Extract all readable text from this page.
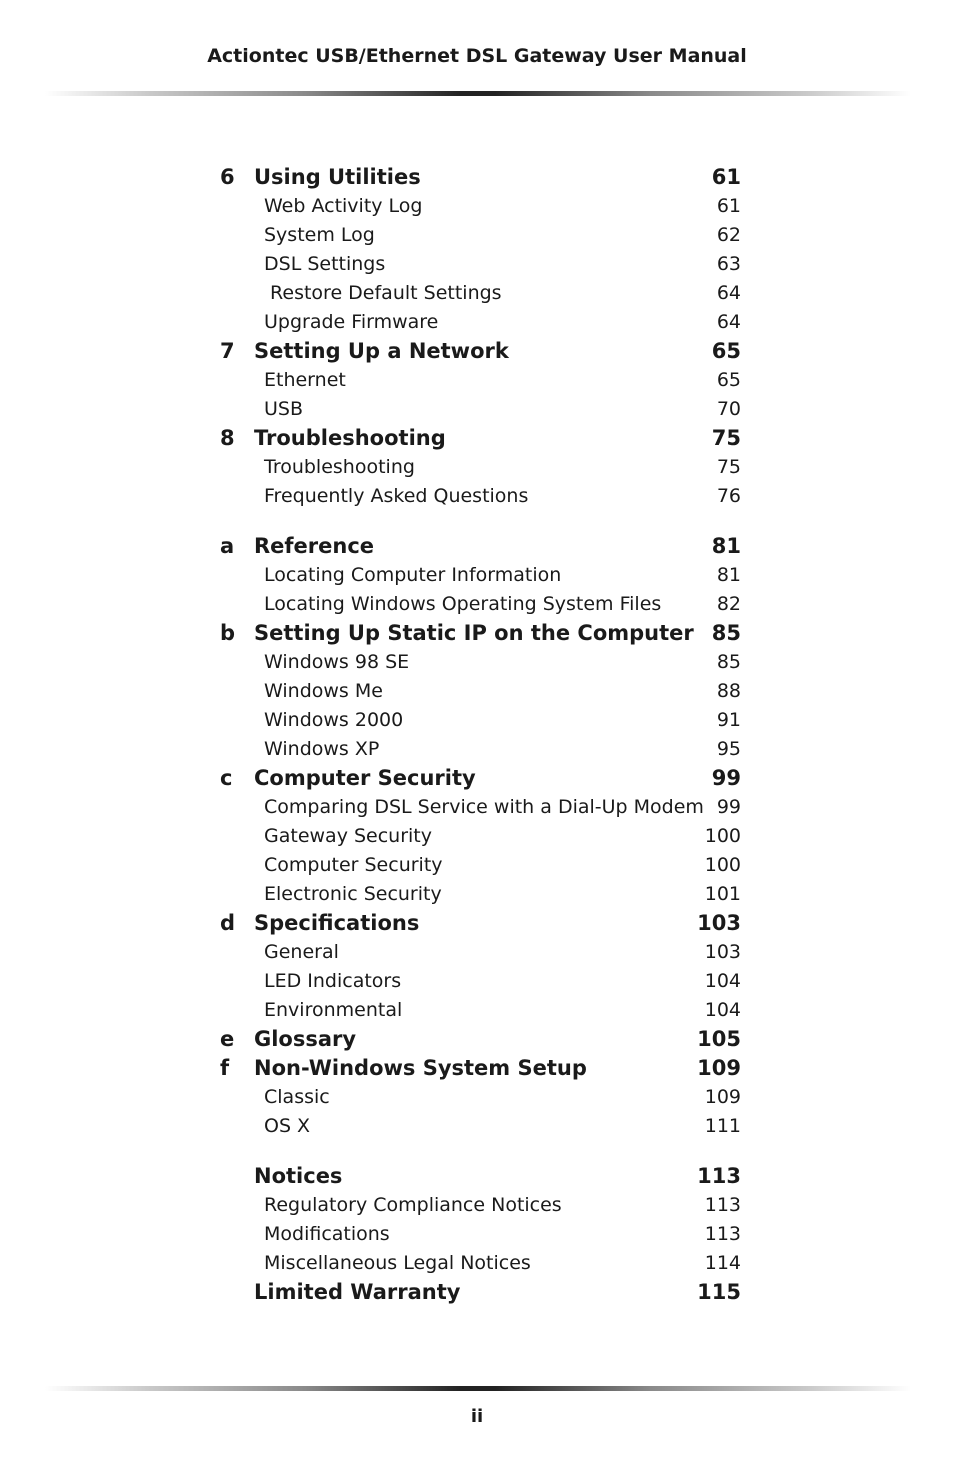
Actiontec USB/Ethernet DSL Gateway User Manual
6 Using Utilities	61
Web Activity Log	61
System Log	62
DSL Settings	63
Restore Default Settings	64
Upgrade Firmware	64
7 Setting Up a Network	65
Ethernet	65
USB	70
8 Troubleshooting	75
Troubleshooting	75
Frequently Asked Questions	76
a Reference	81
Locating Computer Information	81
Locating Windows Operating System Files	82
b Setting Up Static IP on the Computer 85
Windows 98 SE	85
Windows Me	88
Windows 2000	91
Windows XP	95
c Computer Security	99
Comparing DSL Service with a Dial-Up Modem 99
Gateway Security	100
Computer Security	100
Electronic Security	101
d Specifications	103
General	103
LED Indicators	104
Environmental	104
e Glossary	105
f Non-Windows System Setup	109
Classic	109
OS X	111
Notices	113
Regulatory Compliance Notices	113
Modifications	113
Miscellaneous Legal Notices	114
Limited Warranty	115
ii
